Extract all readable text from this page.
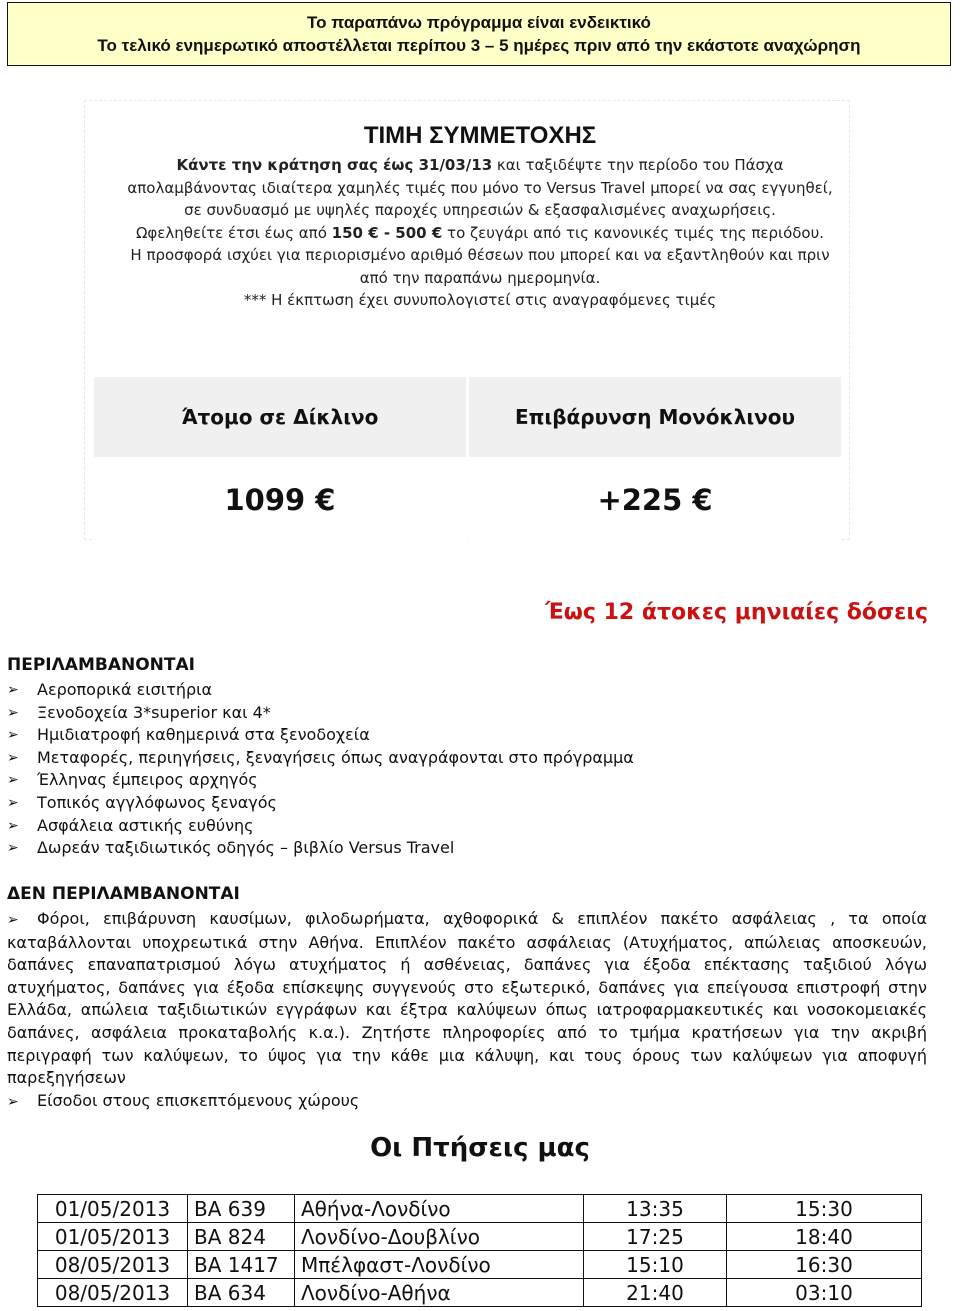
Το παραπάνω πρόγραμμα είναι ενδεικτικό
Το τελικό ενημερωτικό αποστέλλεται περίπου 3 – 5 ημέρες πριν από την εκάστοτε αναχώρηση
ΤΙΜΗ ΣΥΜΜΕΤΟΧΗΣ

Κάντε την κράτηση σας έως 31/03/13 και ταξιδέψτε την περίοδο του Πάσχα απολαμβάνοντας ιδιαίτερα χαμηλές τιμές που μόνο το Versus Travel μπορεί να σας εγγυηθεί, σε συνδυασμό με υψηλές παροχές υπηρεσιών & εξασφαλισμένες αναχωρήσεις.

Ωφεληθείτε έτσι έως από 150 € - 500 € το ζευγάρι από τις κανονικές τιμές της περιόδου.

Η προσφορά ισχύει για περιορισμένο αριθμό θέσεων που μπορεί και να εξαντληθούν και πριν από την παραπάνω ημερομηνία.

*** Η έκπτωση έχει συνυπολογιστεί στις αναγραφόμενες τιμές

Άτομο σε Δίκλινο	Επιβάρυνση Μονόκλινου
1099 €	+225 €
Έως 12 άτοκες μηνιαίες δόσεις
ΠΕΡΙΛΑΜΒΑΝΟΝΤΑΙ
➢ Αεροπορικά εισιτήρια
➢ Ξενοδοχεία 3*superior και 4*
➢ Ημιδιατροφή καθημερινά στα ξενοδοχεία
➢ Μεταφορές, περιηγήσεις, ξεναγήσεις όπως αναγράφονται στο πρόγραμμα
➢ Έλληνας έμπειρος αρχηγός
➢ Τοπικός αγγλόφωνος ξεναγός
➢ Ασφάλεια αστικής ευθύνης
➢ Δωρεάν ταξιδιωτικός οδηγός – βιβλίο Versus Travel
ΔΕΝ ΠΕΡΙΛΑΜΒΑΝΟΝΤΑΙ
➢ Φόροι, επιβάρυνση καυσίμων, φιλοδωρήματα, αχθοφορικά & επιπλέον πακέτο ασφάλειας , τα οποία καταβάλλονται υποχρεωτικά στην Αθήνα. Επιπλέον πακέτο ασφάλειας (Ατυχήματος, απώλειας αποσκευών, δαπάνες επαναπατρισμού λόγω ατυχήματος ή ασθένειας, δαπάνες για έξοδα επέκτασης ταξιδιού λόγω ατυχήματος, δαπάνες για έξοδα επίσκεψης συγγενούς στο εξωτερικό, δαπάνες για επείγουσα επιστροφή στην Ελλάδα, απώλεια ταξιδιωτικών εγγράφων και έξτρα καλύψεων όπως ιατροφαρμακευτικές και νοσοκομειακές δαπάνες, ασφάλεια προκαταβολής κ.α.). Ζητήστε πληροφορίες από το τμήμα κρατήσεων για την ακριβή περιγραφή των καλύψεων, το ύψος για την κάθε μια κάλυψη, και τους όρους των καλύψεων για αποφυγή παρεξηγήσεων
➢ Είσοδοι στους επισκεπτόμενους χώρους
Οι Πτήσεις μας
01/05/2013	BA 639	Αθήνα-Λονδίνο	13:35	15:30
01/05/2013	BA 824	Λονδίνο-Δουβλίνο	17:25	18:40
08/05/2013	BA 1417	Μπέλφαστ-Λονδίνο	15:10	16:30
08/05/2013	BA 634	Λονδίνο-Αθήνα	21:40	03:10
